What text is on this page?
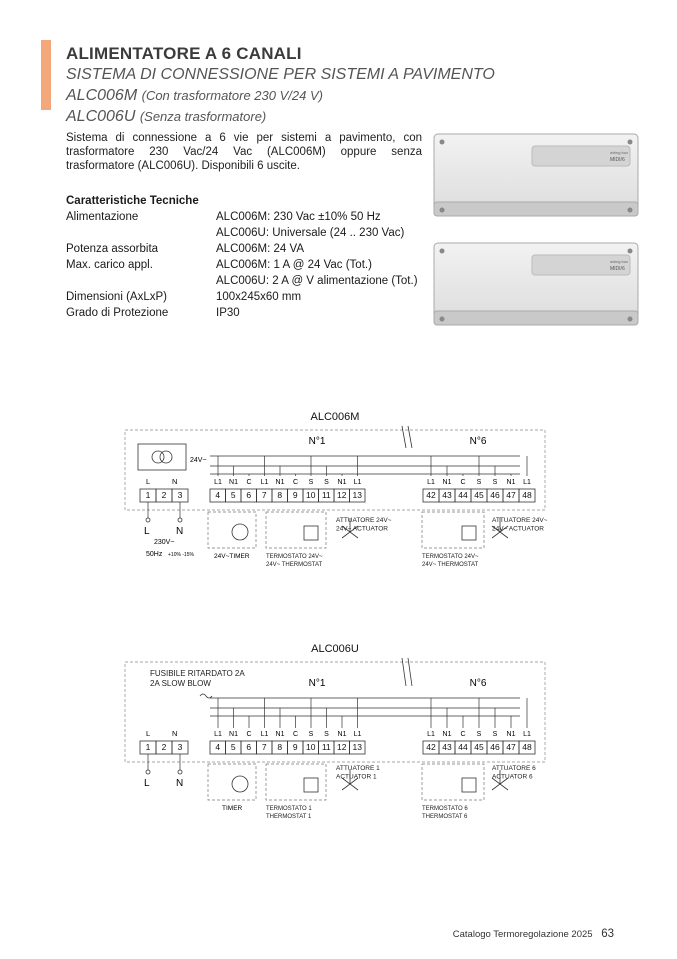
ALIMENTATORE A 6 CANALI
SISTEMA DI CONNESSIONE PER SISTEMI A PAVIMENTO
ALC006M (Con trasformatore 230 V/24 V)
ALC006U (Senza trasformatore)
Sistema di connessione a 6 vie per sistemi a pavimento, con trasformatore 230 Vac/24 Vac (ALC006M) oppure senza trasformatore (ALC006U). Disponibili 6 uscite.
Caratteristiche Tecniche
Alimentazione	ALC006M: 230 Vac ±10% 50 Hz
ALC006U: Universale (24 .. 230 Vac)
Potenza assorbita	ALC006M: 24 VA
Max. carico appl.	ALC006M: 1 A @ 24 Vac (Tot.)
ALC006U: 2 A @ V alimentazione (Tot.)
Dimensioni (AxLxP)	100x245x60 mm
Grado di Protezione	IP30
wiring box
MIDI/6
wiring box
MIDI/6
ALC006M
N°1	N°6
24V~
L	N
1 2 3	4 5 6 7 8 9 10 11 12 13	42 43 44 45 46 47 48
L1 N1 C L1 N1 C S S N1 L1	L1 N1 C S S N1 L1
L	N
230V~
50Hz +10% -15%	24V~TIMER	TERMOSTATO 24V~
24V~ THERMOSTAT
ATTUATORE 24V~
24V~ ACTUATOR
TERMOSTATO 24V~
24V~ THERMOSTAT
ATTUATORE 24V~
24V~ ACTUATOR
ALC006U
N°1	N°6
FUSIBILE RITARDATO 2A
2A SLOW BLOW
L	N
1 2 3	4 5 6 7 8 9 10 11 12 13	42 43 44 45 46 47 48
L1 N1 C L1 N1 C S S N1 L1	L1 N1 C S S N1 L1
L	N
TIMER	TERMOSTATO 1
THERMOSTAT 1
ATTUATORE 1
ACTUATOR 1
TERMOSTATO 6
THERMOSTAT 6
ATTUATORE 6
ACTUATOR 6
Catalogo Termoregolazione 2025 63
